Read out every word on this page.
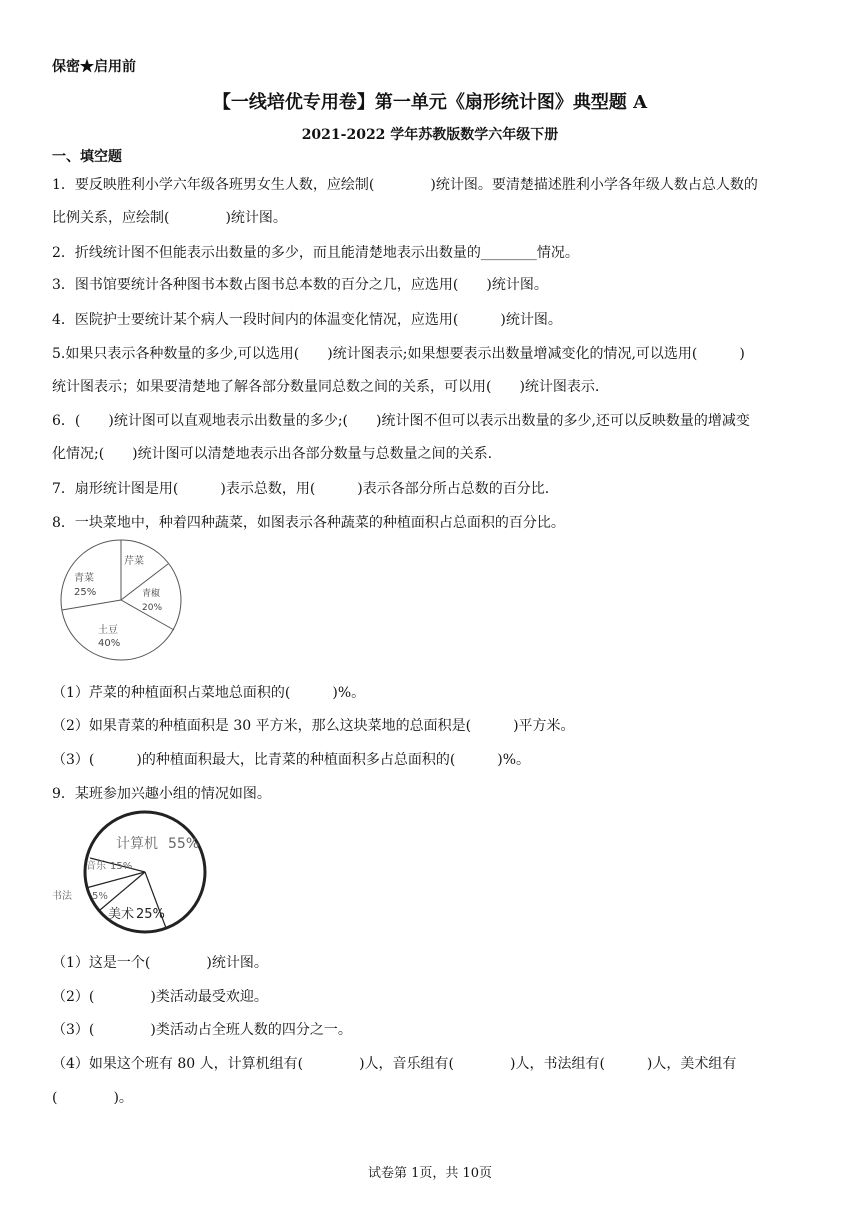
保密★启用前
【一线培优专用卷】第一单元《扇形统计图》典型题 A
2021-2022 学年苏教版数学六年级下册
一、填空题
1．要反映胜利小学六年级各班男女生人数，应绘制(　　　　)统计图。要清楚描述胜利小学各年级人数占总人数的
比例关系，应绘制(　　　　)统计图。
2．折线统计图不但能表示出数量的多少，而且能清楚地表示出数量的________情况。
3．图书馆要统计各种图书本数占图书总本数的百分之几，应选用(　　)统计图。
4．医院护士要统计某个病人一段时间内的体温变化情况，应选用(　　　)统计图。
5.如果只表示各种数量的多少,可以选用(　　)统计图表示;如果想要表示出数量增减变化的情况,可以选用(　　　)
统计图表示；如果要清楚地了解各部分数量同总数之间的关系，可以用(　　)统计图表示.
6．(　　)统计图可以直观地表示出数量的多少;(　　)统计图不但可以表示出数量的多少,还可以反映数量的增减变
化情况;(　　)统计图可以清楚地表示出各部分数量与总数量之间的关系.
7．扇形统计图是用(　　　)表示总数，用(　　　)表示各部分所占总数的百分比.
8．一块菜地中，种着四种蔬菜，如图表示各种蔬菜的种植面积占总面积的百分比。
芹菜
青椒
20%
土豆
40%
青菜
25%
（1）芹菜的种植面积占菜地总面积的(　　　)%。
（2）如果青菜的种植面积是 30 平方米，那么这块菜地的总面积是(　　　)平方米。
（3）(　　　)的种植面积最大，比青菜的种植面积多占总面积的(　　　)%。
9．某班参加兴趣小组的情况如图。
计算机 55%
音乐 15%
书法 5%
美术 25%
（1）这是一个(　　　　)统计图。
（2）(　　　　)类活动最受欢迎。
（3）(　　　　)类活动占全班人数的四分之一。
（4）如果这个班有 80 人，计算机组有(　　　　)人，音乐组有(　　　　)人，书法组有(　　　)人，美术组有
(　　　　)。
试卷第 1页，共 10页
